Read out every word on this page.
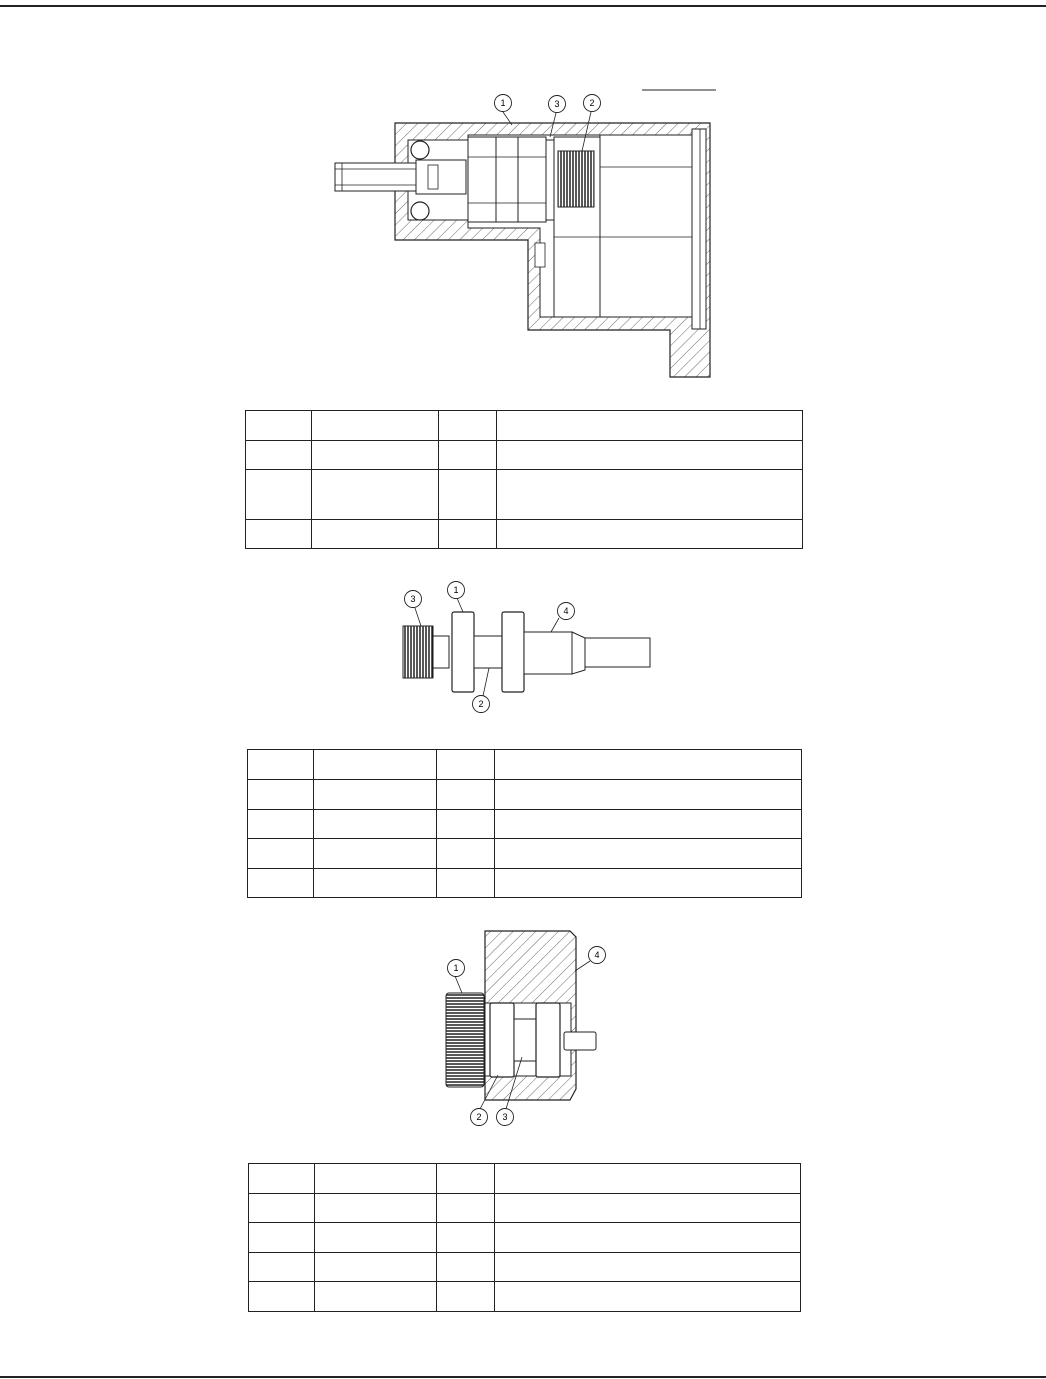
1	3	2

3
1
4
2

1
4
2 3
